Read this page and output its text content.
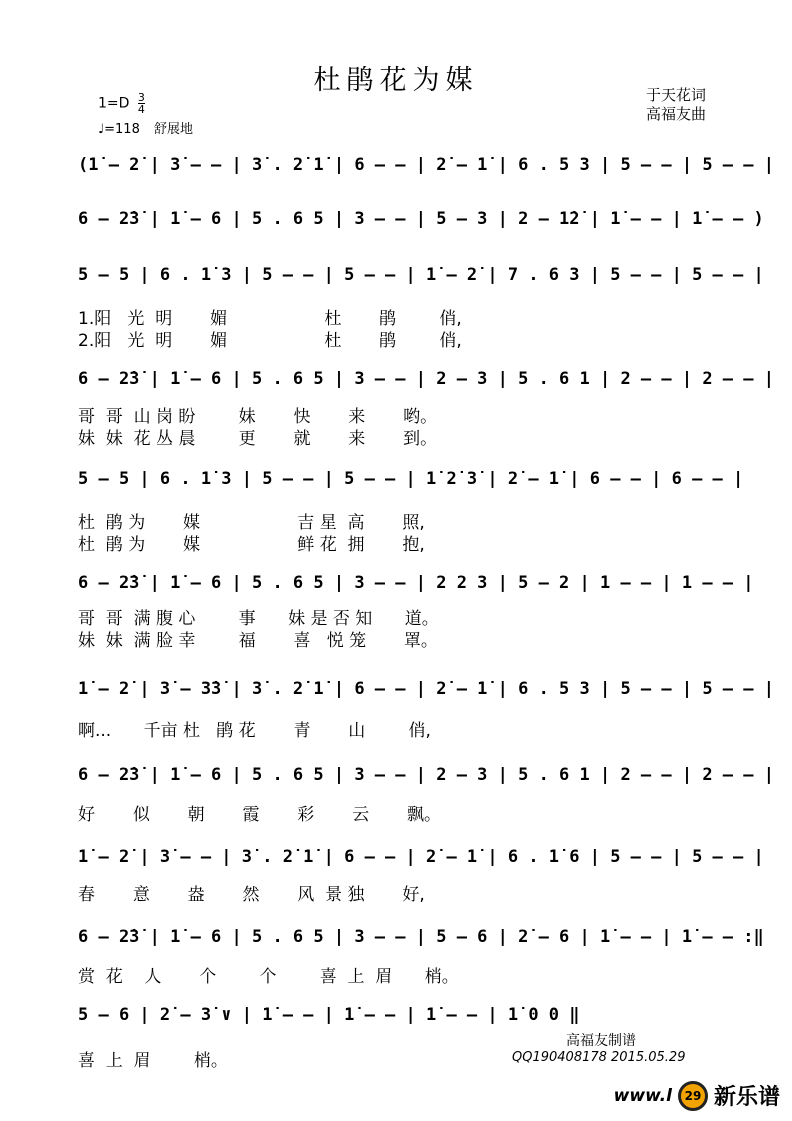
杜鹃花为媒
$1=D \frac{3}{4}$
♩=118 舒展地
于天花词
高福友曲
(1̇ – 2̇ | 3̇ – – | 3̇ . 2̇ 1̇ | 6 – – | 2̇ – 1̇ | 6 . 5 3 | 5 – – | 5 – – |
6 – 2̇3̇ | 1̇ – 6 | 5 . 6 5 | 3 – – | 5 – 3 | 2 – 1̇2̇ | 1̇ – – | 1̇ – – )
5 – 5 | 6 . 1̇ 3 | 5 – – | 5 – – | 1̇ – 2̇ | 7 . 6 3 | 5 – – | 5 – – |
1.阳   光  明       媚                  杜       鹃        俏,
2.阳   光  明       媚                  杜       鹃        俏,
6 – 2̇3̇ | 1̇ – 6 | 5 . 6 5 | 3 – – | 2 – 3 | 5 . 6 1 | 2 – – | 2 – – |
哥  哥  山 岗 盼        妹       快       来       哟。
妹  妹  花 丛 晨        更       就       来       到。
5 – 5 | 6 . 1̇ 3 | 5 – – | 5 – – | 1̇ 2̇ 3̇ | 2̇ – 1̇ | 6 – – | 6 – – |
杜  鹃 为       媒                  吉 星  高       照,
杜  鹃 为       媒                  鲜 花  拥       抱,
6 – 2̇3̇ | 1̇ – 6 | 5 . 6 5 | 3 – – | 2 2 3 | 5 – 2 | 1 – – | 1 – – |
哥  哥  满 腹 心        事      妹 是 否 知      道。
妹  妹  满 脸 幸        福       喜   悦 笼       罩。
1̇ – 2̇ | 3̇ – 3̇3̇ | 3̇ . 2̇ 1̇ | 6 – – | 2̇ – 1̇ | 6 . 5 3 | 5 – – | 5 – – |
啊...      千亩 杜   鹃 花       青       山        俏,
6 – 2̇3̇ | 1̇ – 6 | 5 . 6 5 | 3 – – | 2 – 3 | 5 . 6 1 | 2 – – | 2 – – |
好       似       朝       霞       彩       云       飘。
1̇ – 2̇ | 3̇ – – | 3̇ . 2̇ 1̇ | 6 – – | 2̇ – 1̇ | 6 . 1̇ 6 | 5 – – | 5 – – |
春       意       盎       然       风  景 独       好,
6 – 2̇3̇ | 1̇ – 6 | 5 . 6 5 | 3 – – | 5 – 6 | 2̇ – 6 | 1̇ – – | 1̇ – – :‖
赏  花    人       个        个        喜  上  眉      梢。
5 – 6 | 2̇ – 3̇ ∨ | 1̇ – – | 1̇ – – | 1̇ – – | 1̇ 0 0 ‖
喜  上  眉        梢。
高福友制谱
QQ190408178 2015.05.29
www.l	29 新乐谱
